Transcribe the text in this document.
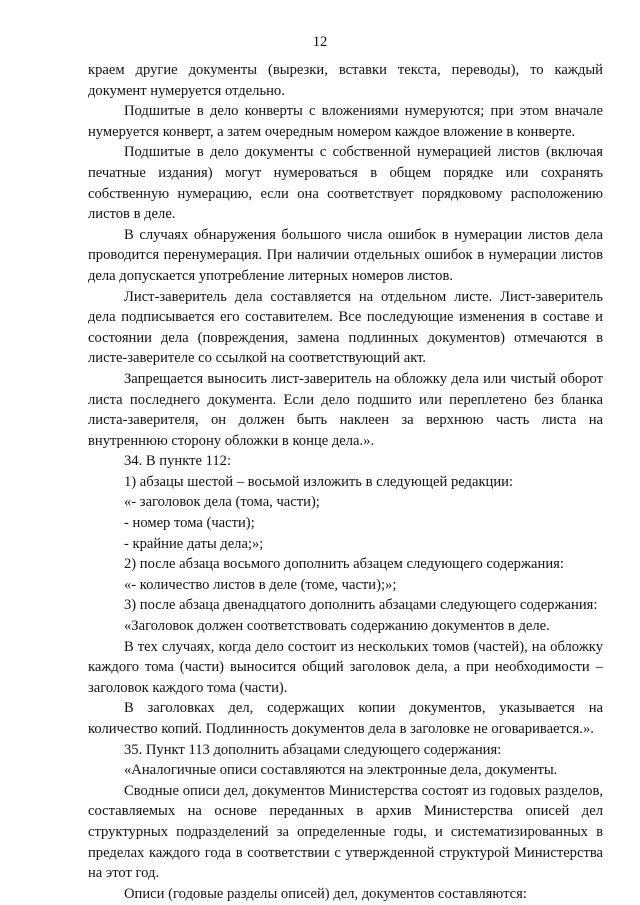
12

краем другие документы (вырезки, вставки текста, переводы), то каждый документ нумеруется отдельно.

Подшитые в дело конверты с вложениями нумеруются; при этом вначале нумеруется конверт, а затем очередным номером каждое вложение в конверте.

Подшитые в дело документы с собственной нумерацией листов (включая печатные издания) могут нумероваться в общем порядке или сохранять собственную нумерацию, если она соответствует порядковому расположению листов в деле.

В случаях обнаружения большого числа ошибок в нумерации листов дела проводится перенумерация. При наличии отдельных ошибок в нумерации листов дела допускается употребление литерных номеров листов.

Лист-заверитель дела составляется на отдельном листе. Лист-заверитель дела подписывается его составителем. Все последующие изменения в составе и состоянии дела (повреждения, замена подлинных документов) отмечаются в листе-заверителе со ссылкой на соответствующий акт.

Запрещается выносить лист-заверитель на обложку дела или чистый оборот листа последнего документа. Если дело подшито или переплетено без бланка листа-заверителя, он должен быть наклеен за верхнюю часть листа на внутреннюю сторону обложки в конце дела.».

34. В пункте 112:

1) абзацы шестой – восьмой изложить в следующей редакции:

«- заголовок дела (тома, части);

- номер тома (части);

- крайние даты дела;»;

2) после абзаца восьмого дополнить абзацем следующего содержания:

«- количество листов в деле (томе, части);»;

3) после абзаца двенадцатого дополнить абзацами следующего содержания:

«Заголовок должен соответствовать содержанию документов в деле.

В тех случаях, когда дело состоит из нескольких томов (частей), на обложку каждого тома (части) выносится общий заголовок дела, а при необходимости – заголовок каждого тома (части).

В заголовках дел, содержащих копии документов, указывается на количество копий. Подлинность документов дела в заголовке не оговаривается.».

35. Пункт 113 дополнить абзацами следующего содержания:

«Аналогичные описи составляются на электронные дела, документы.

Сводные описи дел, документов Министерства состоят из годовых разделов, составляемых на основе переданных в архив Министерства описей дел структурных подразделений за определенные годы, и систематизированных в пределах каждого года в соответствии с утвержденной структурой Министерства на этот год.

Описи (годовые разделы описей) дел, документов составляются:
